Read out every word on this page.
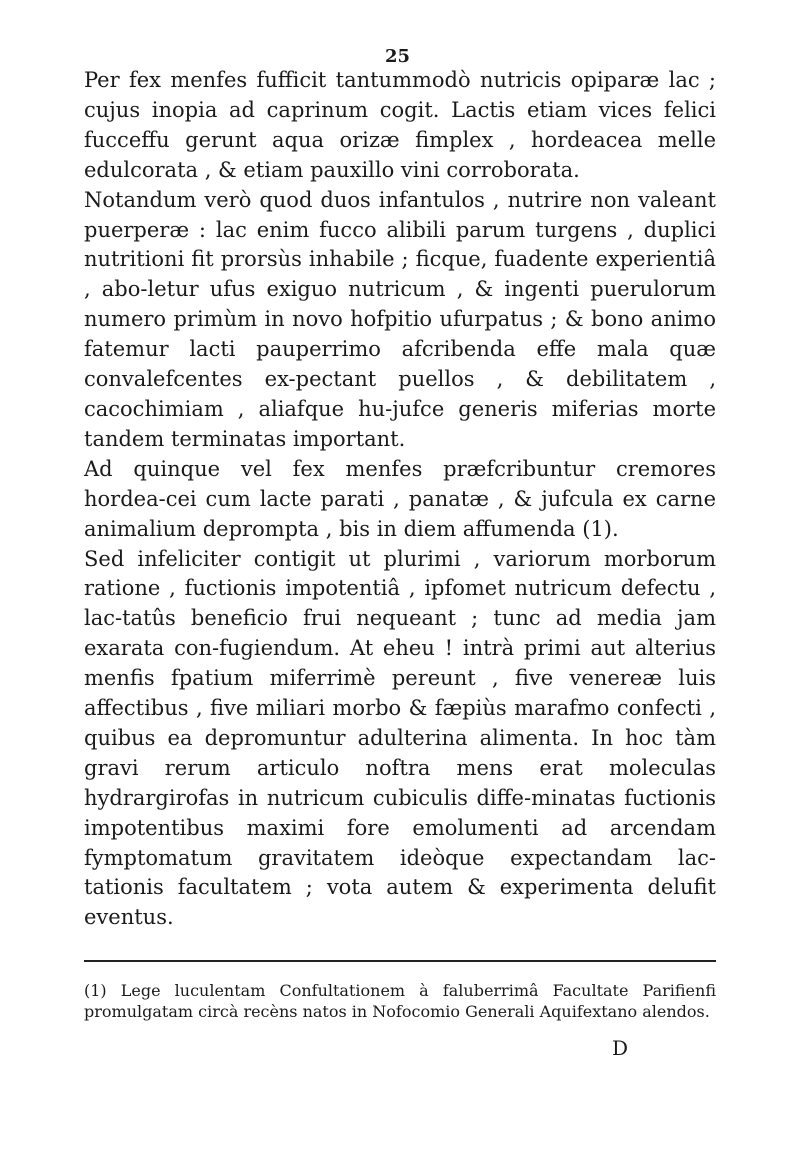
25

Per fex menfes fufficit tantummodò nutricis opiparæ lac ; cujus inopia ad caprinum cogit. Lactis etiam vices felici fucceffu gerunt aqua orizæ fimplex , hordeacea melle edulcorata , & etiam pauxillo vini corroborata.

Notandum verò quod duos infantulos , nutrire non valeant puerperæ : lac enim fucco alibili parum turgens , duplici nutritioni fit prorsùs inhabile ; ficque, fuadente experientiâ , abo-letur ufus exiguo nutricum , & ingenti puerulorum numero primùm in novo hofpitio ufurpatus ; & bono animo fatemur lacti pauperrimo afcribenda effe mala quæ convalefcentes ex-pectant puellos , & debilitatem , cacochimiam , aliafque hu-jufce generis miferias morte tandem terminatas important.

Ad quinque vel fex menfes præfcribuntur cremores hordea-cei cum lacte parati , panatæ , & jufcula ex carne animalium deprompta , bis in diem affumenda (1).

Sed infeliciter contigit ut plurimi , variorum morborum ratione , fuctionis impotentiâ , ipfomet nutricum defectu , lac-tatûs beneficio frui nequeant ; tunc ad media jam exarata con-fugiendum. At eheu ! intrà primi aut alterius menfis fpatium miferrimè pereunt , five venereæ luis affectibus , five miliari morbo & fæpiùs marafmo confecti , quibus ea depromuntur adulterina alimenta. In hoc tàm gravi rerum articulo noftra mens erat moleculas hydrargirofas in nutricum cubiculis diffe-minatas fuctionis impotentibus maximi fore emolumenti ad arcendam fymptomatum gravitatem ideòque expectandam lac-tationis facultatem ; vota autem & experimenta delufit eventus.

(1) Lege luculentam Confultationem à faluberrimâ Facultate Parifienfi promulgatam circà recèns natos in Nofocomio Generali Aquifextano alendos.
D
